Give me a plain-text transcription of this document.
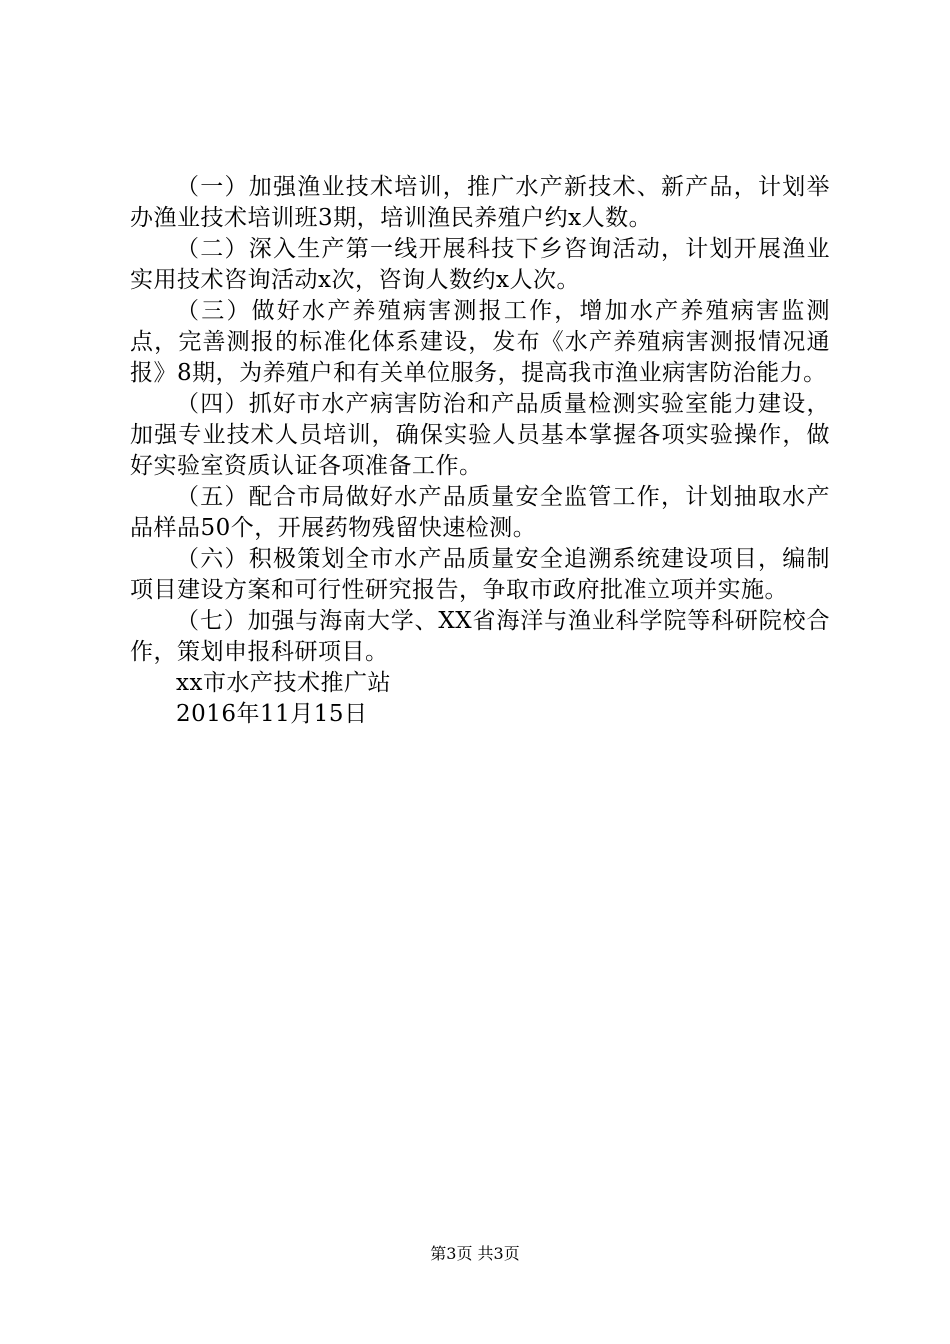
（一）加强渔业技术培训，推广水产新技术、新产品，计划举办渔业技术培训班3期，培训渔民养殖户约x人数。

（二）深入生产第一线开展科技下乡咨询活动，计划开展渔业实用技术咨询活动x次，咨询人数约x人次。

（三）做好水产养殖病害测报工作，增加水产养殖病害监测点，完善测报的标准化体系建设，发布《水产养殖病害测报情况通报》8期，为养殖户和有关单位服务，提高我市渔业病害防治能力。

（四）抓好市水产病害防治和产品质量检测实验室能力建设，加强专业技术人员培训，确保实验人员基本掌握各项实验操作，做好实验室资质认证各项准备工作。

（五）配合市局做好水产品质量安全监管工作，计划抽取水产品样品50个，开展药物残留快速检测。

（六）积极策划全市水产品质量安全追溯系统建设项目，编制项目建设方案和可行性研究报告，争取市政府批准立项并实施。

（七）加强与海南大学、XX省海洋与渔业科学院等科研院校合作，策划申报科研项目。

xx市水产技术推广站

2016年11月15日

第3页 共3页
